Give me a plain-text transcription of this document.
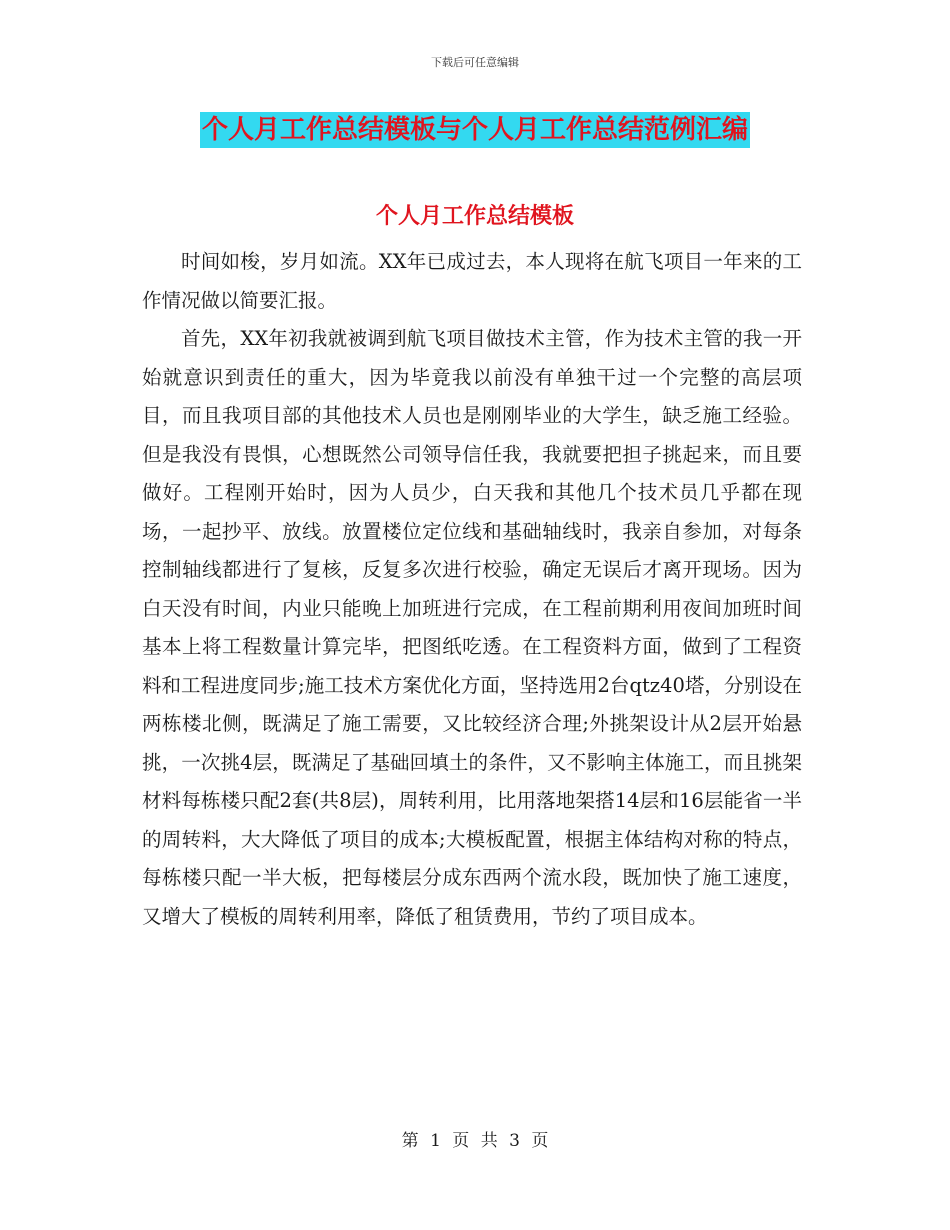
下载后可任意编辑
个人月工作总结模板与个人月工作总结范例汇编
个人月工作总结模板

时间如梭，岁月如流。XX年已成过去，本人现将在航飞项目一年来的工作情况做以简要汇报。

首先，XX年初我就被调到航飞项目做技术主管，作为技术主管的我一开始就意识到责任的重大，因为毕竟我以前没有单独干过一个完整的高层项目，而且我项目部的其他技术人员也是刚刚毕业的大学生，缺乏施工经验。但是我没有畏惧，心想既然公司领导信任我，我就要把担子挑起来，而且要做好。工程刚开始时，因为人员少，白天我和其他几个技术员几乎都在现场，一起抄平、放线。放置楼位定位线和基础轴线时，我亲自参加，对每条控制轴线都进行了复核，反复多次进行校验，确定无误后才离开现场。因为白天没有时间，内业只能晚上加班进行完成，在工程前期利用夜间加班时间基本上将工程数量计算完毕，把图纸吃透。在工程资料方面，做到了工程资料和工程进度同步;施工技术方案优化方面，坚持选用2台qtz40塔，分别设在两栋楼北侧，既满足了施工需要，又比较经济合理;外挑架设计从2层开始悬挑，一次挑4层，既满足了基础回填土的条件，又不影响主体施工，而且挑架材料每栋楼只配2套(共8层)，周转利用，比用落地架搭14层和16层能省一半的周转料，大大降低了项目的成本;大模板配置，根据主体结构对称的特点，每栋楼只配一半大板，把每楼层分成东西两个流水段，既加快了施工速度，又增大了模板的周转利用率，降低了租赁费用，节约了项目成本。

第 1 页 共 3 页
